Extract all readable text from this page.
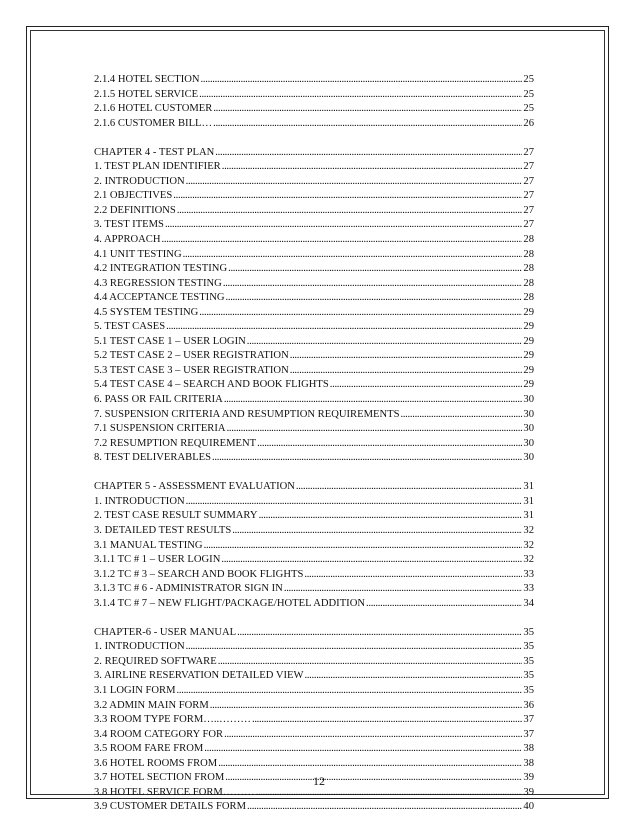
2.1.4 HOTEL SECTION .....	25
2.1.5 HOTEL SERVICE .....	25
2.1.6 HOTEL CUSTOMER .....	25
2.1.6 CUSTOMER BILL… .....	26
CHAPTER 4 - TEST PLAN .....	27
1. TEST PLAN IDENTIFIER .....	27
2. INTRODUCTION .....	27
2.1 OBJECTIVES .....	27
2.2 DEFINITIONS .....	27
3. TEST ITEMS .....	27
4. APPROACH .....	28
4.1 UNIT TESTING .....	28
4.2 INTEGRATION TESTING .....	28
4.3 REGRESSION TESTING .....	28
4.4 ACCEPTANCE TESTING .....	28
4.5 SYSTEM TESTING .....	29
5. TEST CASES .....	29
5.1 TEST CASE 1 – USER LOGIN .....	29
5.2 TEST CASE 2 – USER REGISTRATION .....	29
5.3 TEST CASE 3 – USER REGISTRATION .....	29
5.4 TEST CASE 4 – SEARCH AND BOOK FLIGHTS .....	29
6. PASS OR FAIL CRITERIA .....	30
7. SUSPENSION CRITERIA AND RESUMPTION REQUIREMENTS .....	30
7.1 SUSPENSION CRITERIA .....	30
7.2 RESUMPTION REQUIREMENT .....	30
8. TEST DELIVERABLES .....	30
CHAPTER 5 - ASSESSMENT EVALUATION .....	31
1. INTRODUCTION .....	31
2. TEST CASE RESULT SUMMARY .....	31
3. DETAILED TEST RESULTS .....	32
3.1 MANUAL TESTING .....	32
3.1.1 TC # 1 – USER LOGIN .....	32
3.1.2 TC # 3 – SEARCH AND BOOK FLIGHTS .....	33
3.1.3 TC # 6 - ADMINISTRATOR SIGN IN .....	33
3.1.4 TC # 7 – NEW FLIGHT/PACKAGE/HOTEL ADDITION .....	34
CHAPTER-6 - USER MANUAL .....	35
1. INTRODUCTION .....	35
2. REQUIRED SOFTWARE .....	35
3. AIRLINE RESERVATION DETAILED VIEW .....	35
3.1 LOGIN FORM .....	35
3.2 ADMIN MAIN FORM .....	36
3.3 ROOM TYPE FORM…..……… .....	37
3.4 ROOM CATEGORY FOR .....	37
3.5 ROOM FARE FROM .....	38
3.6 HOTEL ROOMS FROM .....	38
3.7 HOTEL SECTION FROM .....	39
3.8 HOTEL SERVICE FORM……… .....	39
3.9 CUSTOMER DETAILS FORM .....	40
12
